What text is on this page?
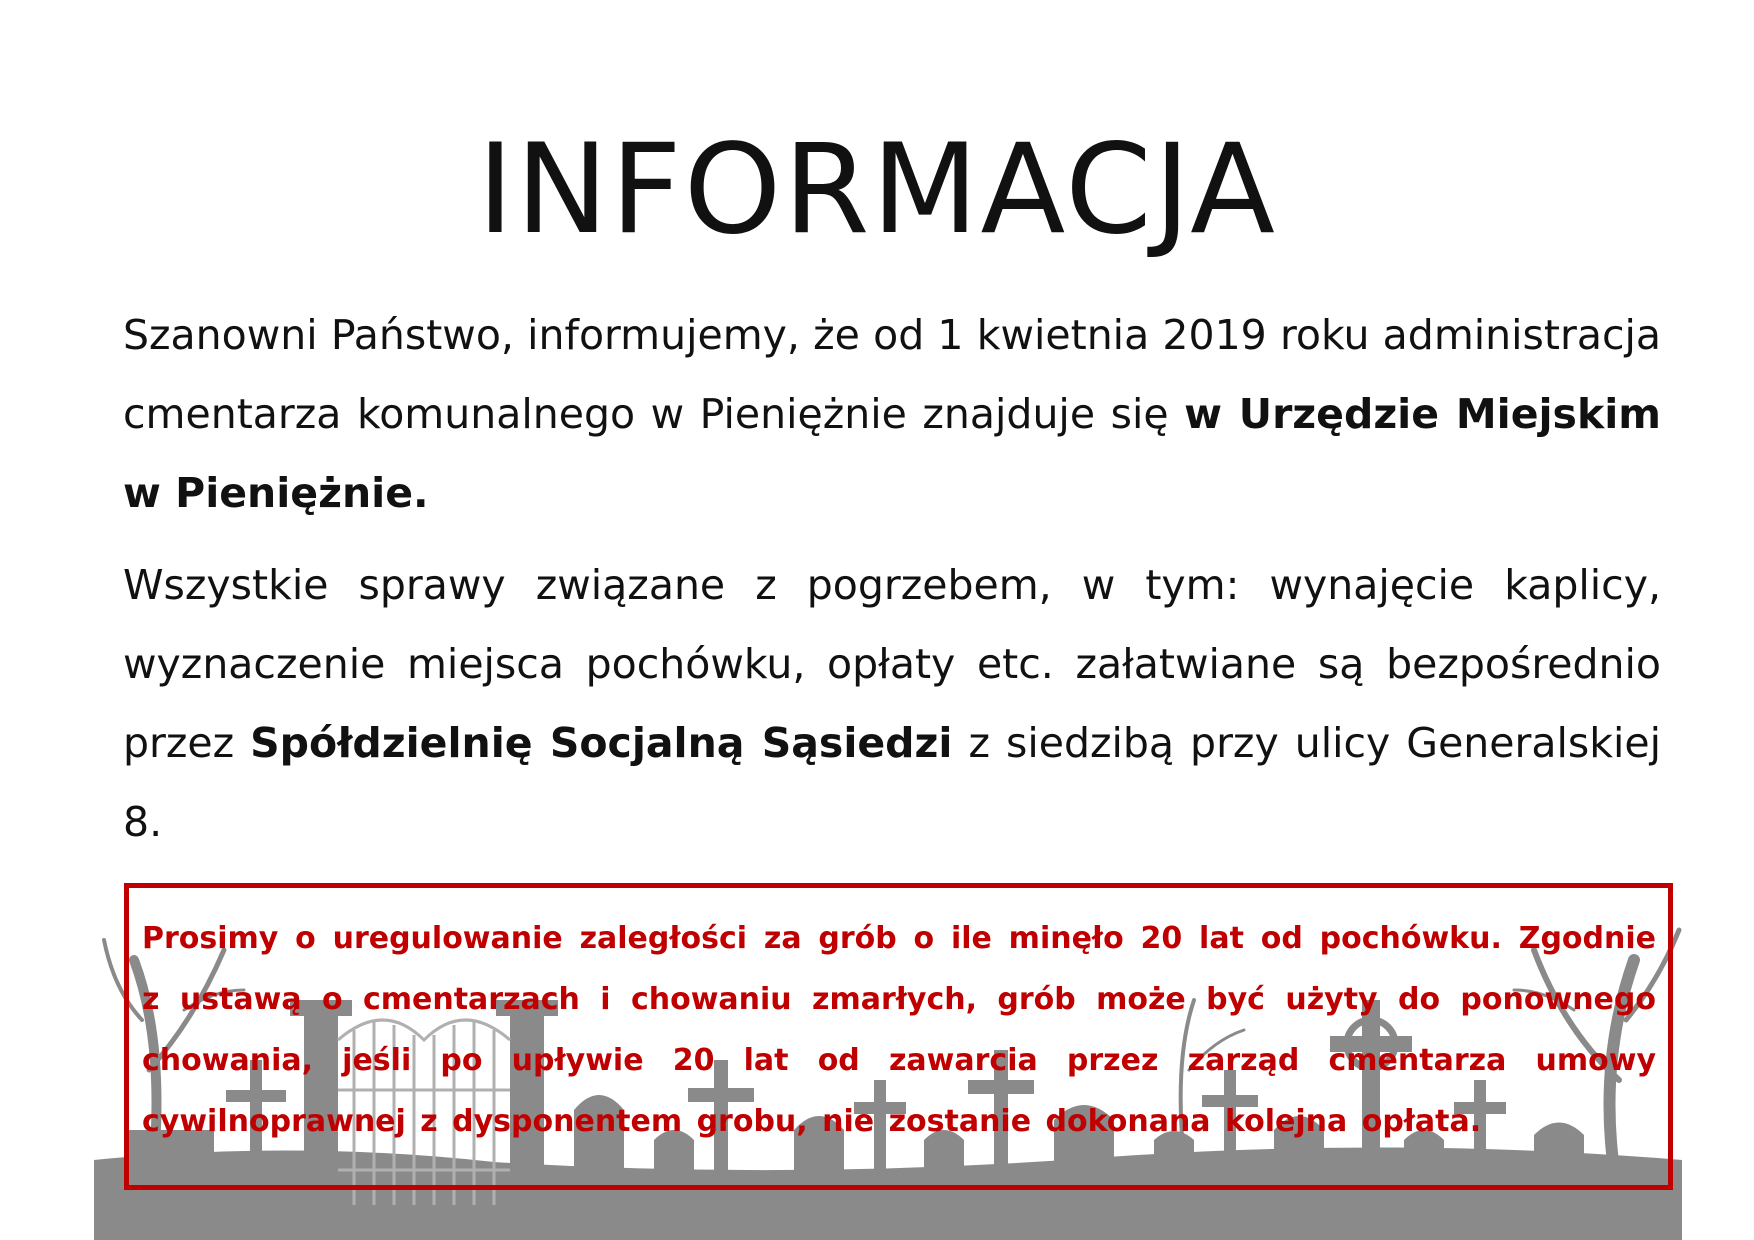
INFORMACJA

Szanowni Państwo, informujemy, że od 1 kwietnia 2019 roku administracja cmentarza komunalnego w Pieniężnie znajduje się w Urzędzie Miejskim w Pieniężnie.

Wszystkie sprawy związane z pogrzebem, w tym: wynajęcie kaplicy, wyznaczenie miejsca pochówku, opłaty etc. załatwiane są bezpośrednio przez Spółdzielnię Socjalną Sąsiedzi z siedzibą przy ulicy Generalskiej 8.

Prosimy o uregulowanie zaległości za grób o ile minęło 20 lat od pochówku. Zgodnie z ustawą o cmentarzach i chowaniu zmarłych, grób może być użyty do ponownego chowania, jeśli po upływie 20 lat od zawarcia przez zarząd cmentarza umowy cywilnoprawnej z dysponentem grobu, nie zostanie dokonana kolejna opłata.
